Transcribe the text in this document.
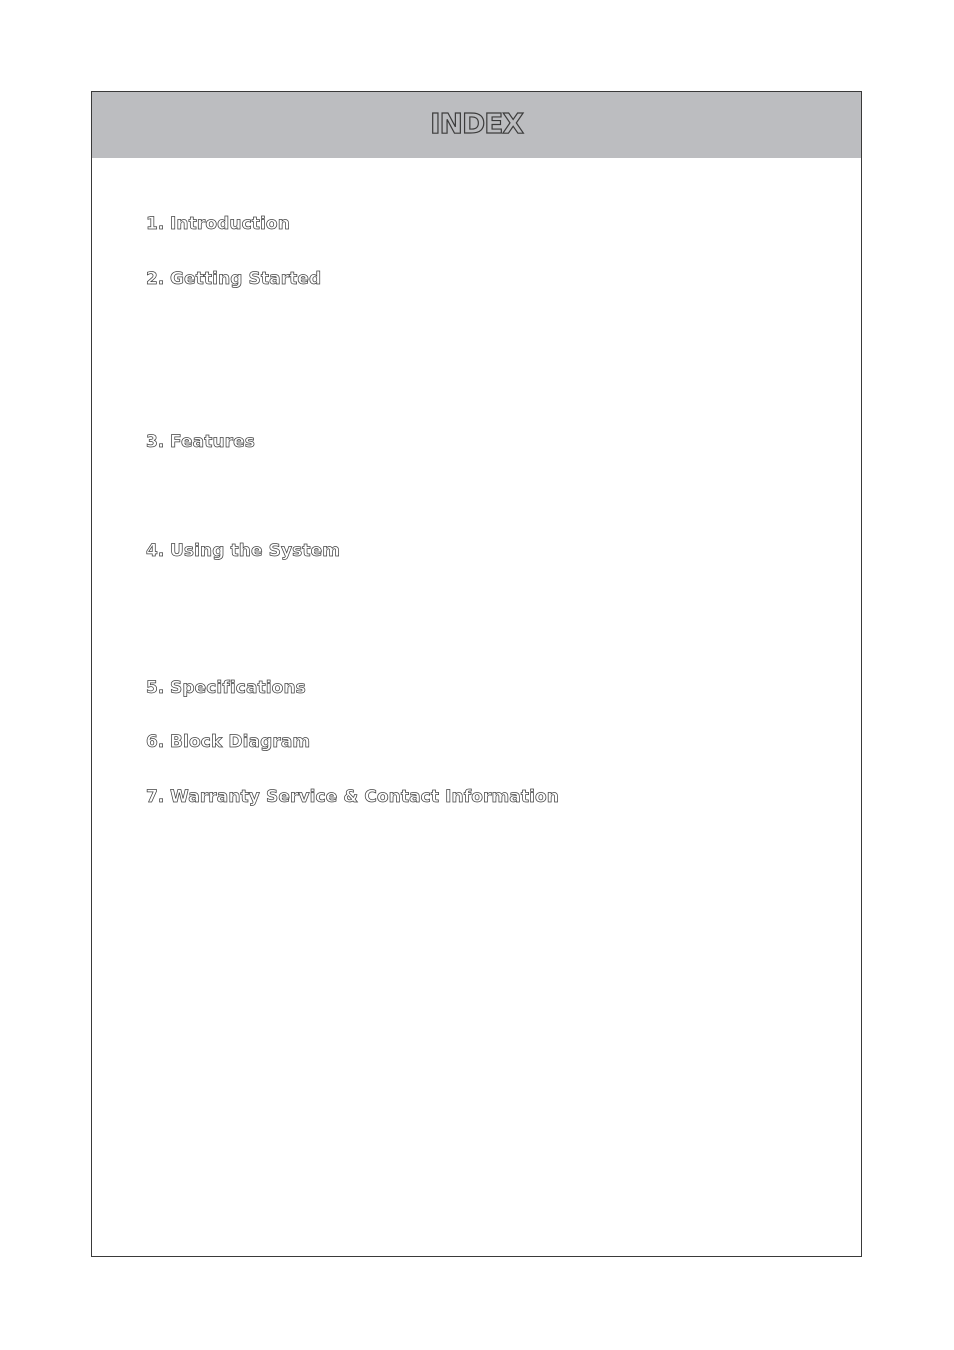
INDEX
1. Introduction
2. Getting Started
3. Features
4. Using the System
5. Specifications
6. Block Diagram
7. Warranty Service & Contact Information
